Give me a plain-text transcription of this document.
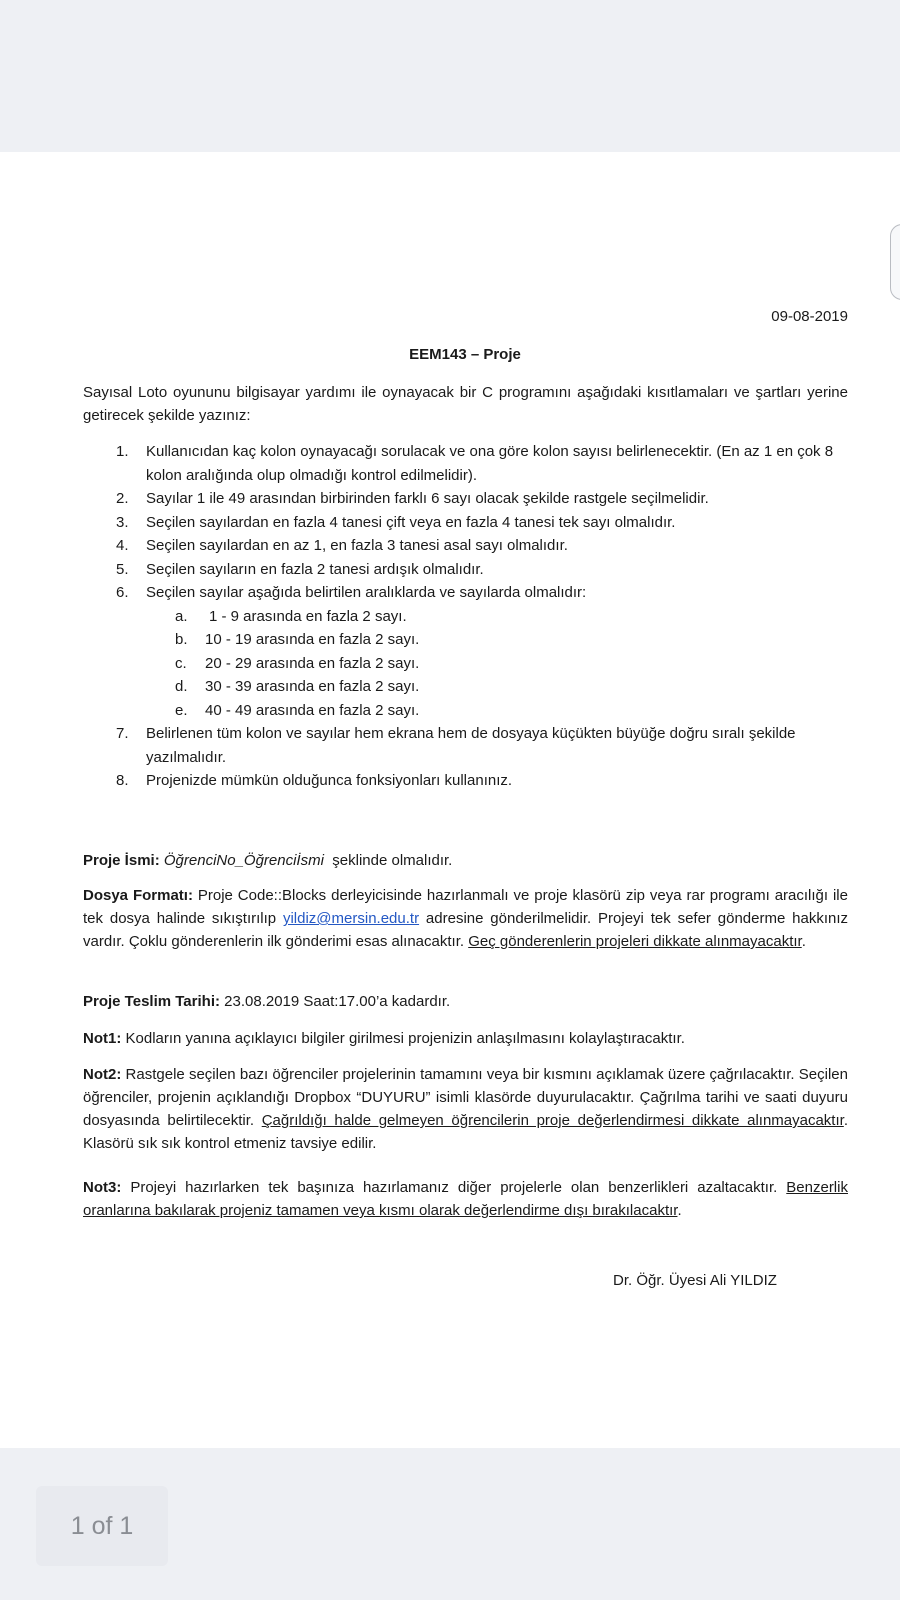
09-08-2019
EEM143 – Proje
Sayısal Loto oyununu bilgisayar yardımı ile oynayacak bir C programını aşağıdaki kısıtlamaları ve şartları yerine getirecek şekilde yazınız:
1. Kullanıcıdan kaç kolon oynayacağı sorulacak ve ona göre kolon sayısı belirlenecektir. (En az 1 en çok 8 kolon aralığında olup olmadığı kontrol edilmelidir).
2. Sayılar 1 ile 49 arasından birbirinden farklı 6 sayı olacak şekilde rastgele seçilmelidir.
3. Seçilen sayılardan en fazla 4 tanesi çift veya en fazla 4 tanesi tek sayı olmalıdır.
4. Seçilen sayılardan en az 1, en fazla 3 tanesi asal sayı olmalıdır.
5. Seçilen sayıların en fazla 2 tanesi ardışık olmalıdır.
6. Seçilen sayılar aşağıda belirtilen aralıklarda ve sayılarda olmalıdır:
a. 1 - 9 arasında en fazla 2 sayı.
b. 10 - 19 arasında en fazla 2 sayı.
c. 20 - 29 arasında en fazla 2 sayı.
d. 30 - 39 arasında en fazla 2 sayı.
e. 40 - 49 arasında en fazla 2 sayı.
7. Belirlenen tüm kolon ve sayılar hem ekrana hem de dosyaya küçükten büyüğe doğru sıralı şekilde yazılmalıdır.
8. Projenizde mümkün olduğunca fonksiyonları kullanınız.

Proje İsmi: ÖğrenciNo_Öğrenciİsmi şeklinde olmalıdır.

Dosya Formatı: Proje Code::Blocks derleyicisinde hazırlanmalı ve proje klasörü zip veya rar programı aracılığı ile tek dosya halinde sıkıştırılıp yildiz@mersin.edu.tr adresine gönderilmelidir. Projeyi tek sefer gönderme hakkınız vardır. Çoklu gönderenlerin ilk gönderimi esas alınacaktır. Geç gönderenlerin projeleri dikkate alınmayacaktır.

Proje Teslim Tarihi: 23.08.2019 Saat:17.00’a kadardır.

Not1: Kodların yanına açıklayıcı bilgiler girilmesi projenizin anlaşılmasını kolaylaştıracaktır.

Not2: Rastgele seçilen bazı öğrenciler projelerinin tamamını veya bir kısmını açıklamak üzere çağrılacaktır. Seçilen öğrenciler, projenin açıklandığı Dropbox “DUYURU” isimli klasörde duyurulacaktır. Çağrılma tarihi ve saati duyuru dosyasında belirtilecektir. Çağrıldığı halde gelmeyen öğrencilerin proje değerlendirmesi dikkate alınmayacaktır. Klasörü sık sık kontrol etmeniz tavsiye edilir.

Not3: Projeyi hazırlarken tek başınıza hazırlamanız diğer projelerle olan benzerlikleri azaltacaktır. Benzerlik oranlarına bakılarak projeniz tamamen veya kısmı olarak değerlendirme dışı bırakılacaktır.

Dr. Öğr. Üyesi Ali YILDIZ
1 of 1
